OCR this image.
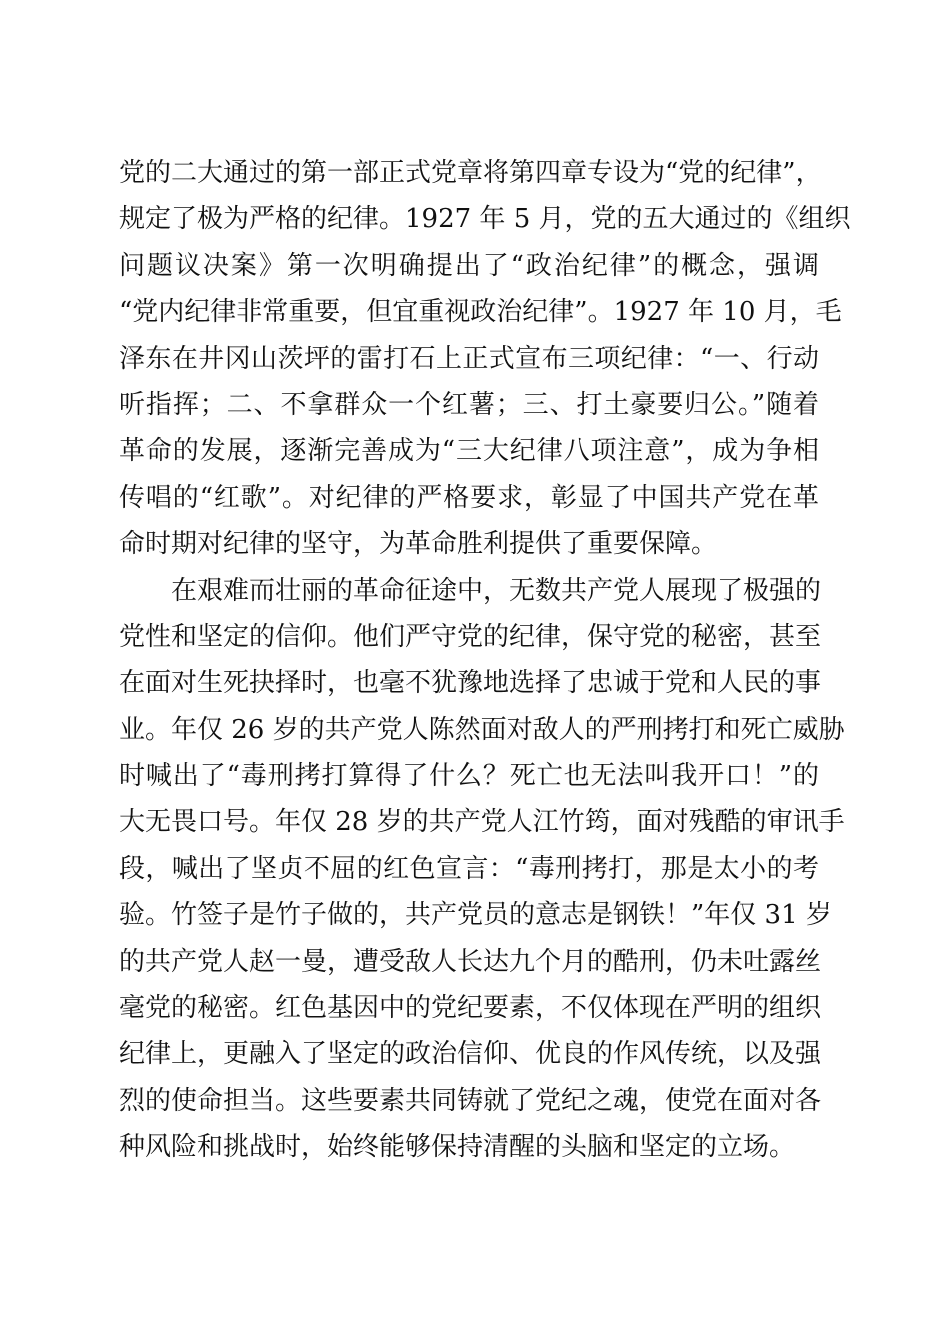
党的二大通过的第一部正式党章将第四章专设为“党的纪律”，
规定了极为严格的纪律。1927 年 5 月，党的五大通过的《组织
问题议决案》第一次明确提出了“政治纪律”的概念，强调
“党内纪律非常重要，但宜重视政治纪律”。1927 年 10 月，毛
泽东在井冈山茨坪的雷打石上正式宣布三项纪律：“一、行动
听指挥；二、不拿群众一个红薯；三、打土豪要归公。”随着
革命的发展，逐渐完善成为“三大纪律八项注意”，成为争相
传唱的“红歌”。对纪律的严格要求，彰显了中国共产党在革
命时期对纪律的坚守，为革命胜利提供了重要保障。
在艰难而壮丽的革命征途中，无数共产党人展现了极强的
党性和坚定的信仰。他们严守党的纪律，保守党的秘密，甚至
在面对生死抉择时，也毫不犹豫地选择了忠诚于党和人民的事
业。年仅 26 岁的共产党人陈然面对敌人的严刑拷打和死亡威胁
时喊出了“毒刑拷打算得了什么？死亡也无法叫我开口！”的
大无畏口号。年仅 28 岁的共产党人江竹筠，面对残酷的审讯手
段，喊出了坚贞不屈的红色宣言：“毒刑拷打，那是太小的考
验。竹签子是竹子做的，共产党员的意志是钢铁！”年仅 31 岁
的共产党人赵一曼，遭受敌人长达九个月的酷刑，仍未吐露丝
毫党的秘密。红色基因中的党纪要素，不仅体现在严明的组织
纪律上，更融入了坚定的政治信仰、优良的作风传统，以及强
烈的使命担当。这些要素共同铸就了党纪之魂，使党在面对各
种风险和挑战时，始终能够保持清醒的头脑和坚定的立场。
